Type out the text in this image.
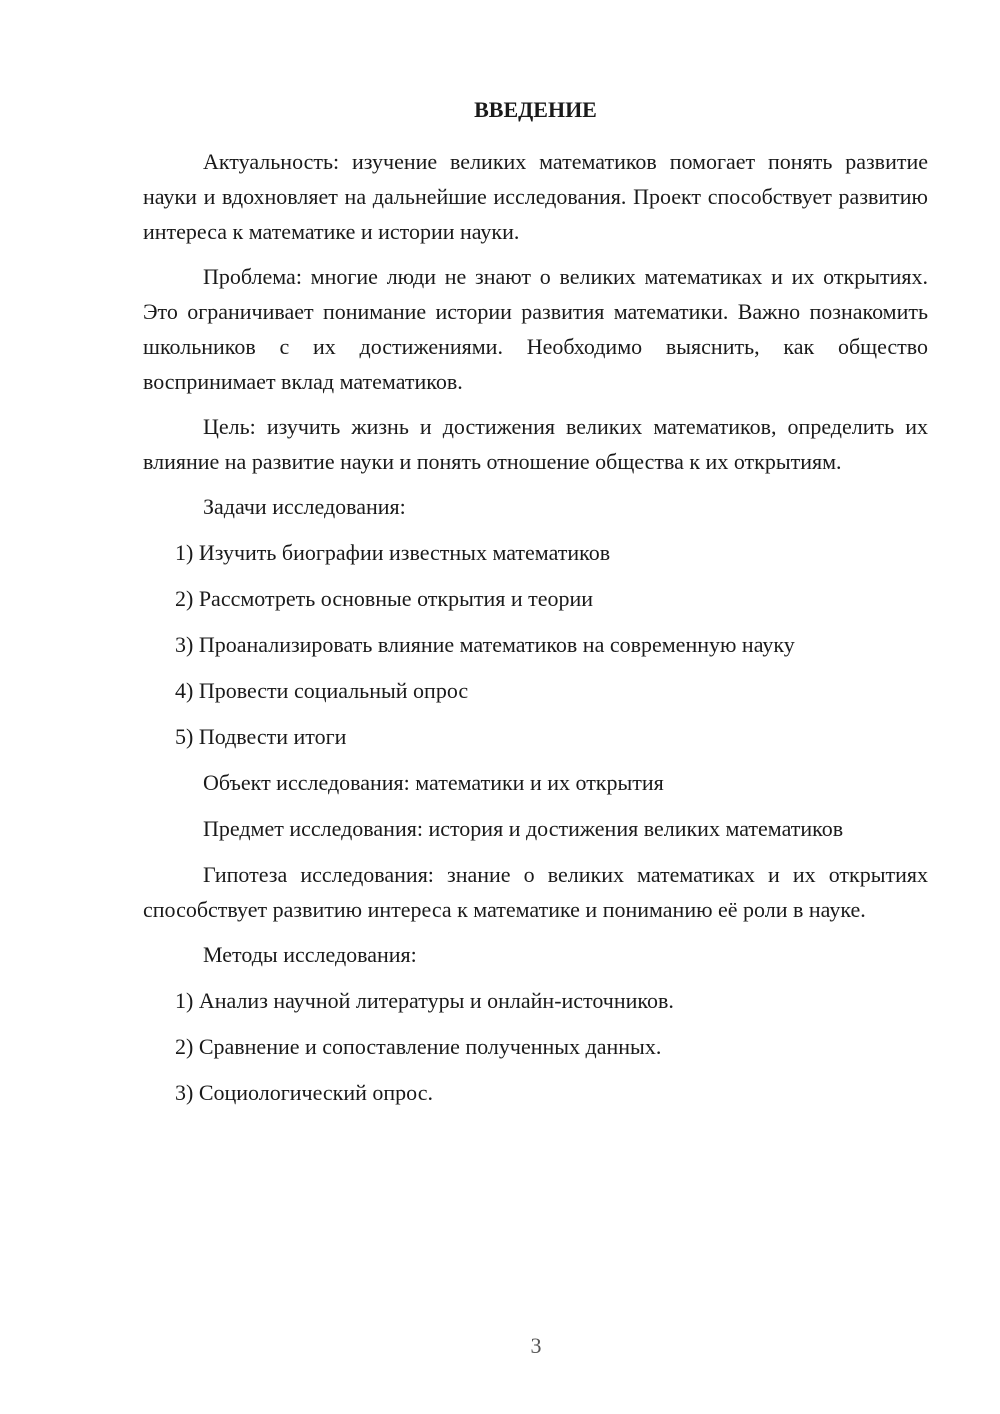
ВВЕДЕНИЕ

Актуальность: изучение великих математиков помогает понять развитие науки и вдохновляет на дальнейшие исследования. Проект способствует развитию интереса к математике и истории науки.

Проблема: многие люди не знают о великих математиках и их открытиях. Это ограничивает понимание истории развития математики. Важно познакомить школьников с их достижениями. Необходимо выяснить, как общество воспринимает вклад математиков.

Цель: изучить жизнь и достижения великих математиков, определить их влияние на развитие науки и понять отношение общества к их открытиям.

Задачи исследования:
1) Изучить биографии известных математиков
2) Рассмотреть основные открытия и теории
3) Проанализировать влияние математиков на современную науку
4) Провести социальный опрос
5) Подвести итоги
Объект исследования: математики и их открытия
Предмет исследования: история и достижения великих математиков

Гипотеза исследования: знание о великих математиках и их открытиях способствует развитию интереса к математике и пониманию её роли в науке.

Методы исследования:
1) Анализ научной литературы и онлайн-источников.
2) Сравнение и сопоставление полученных данных.
3) Социологический опрос.
3
